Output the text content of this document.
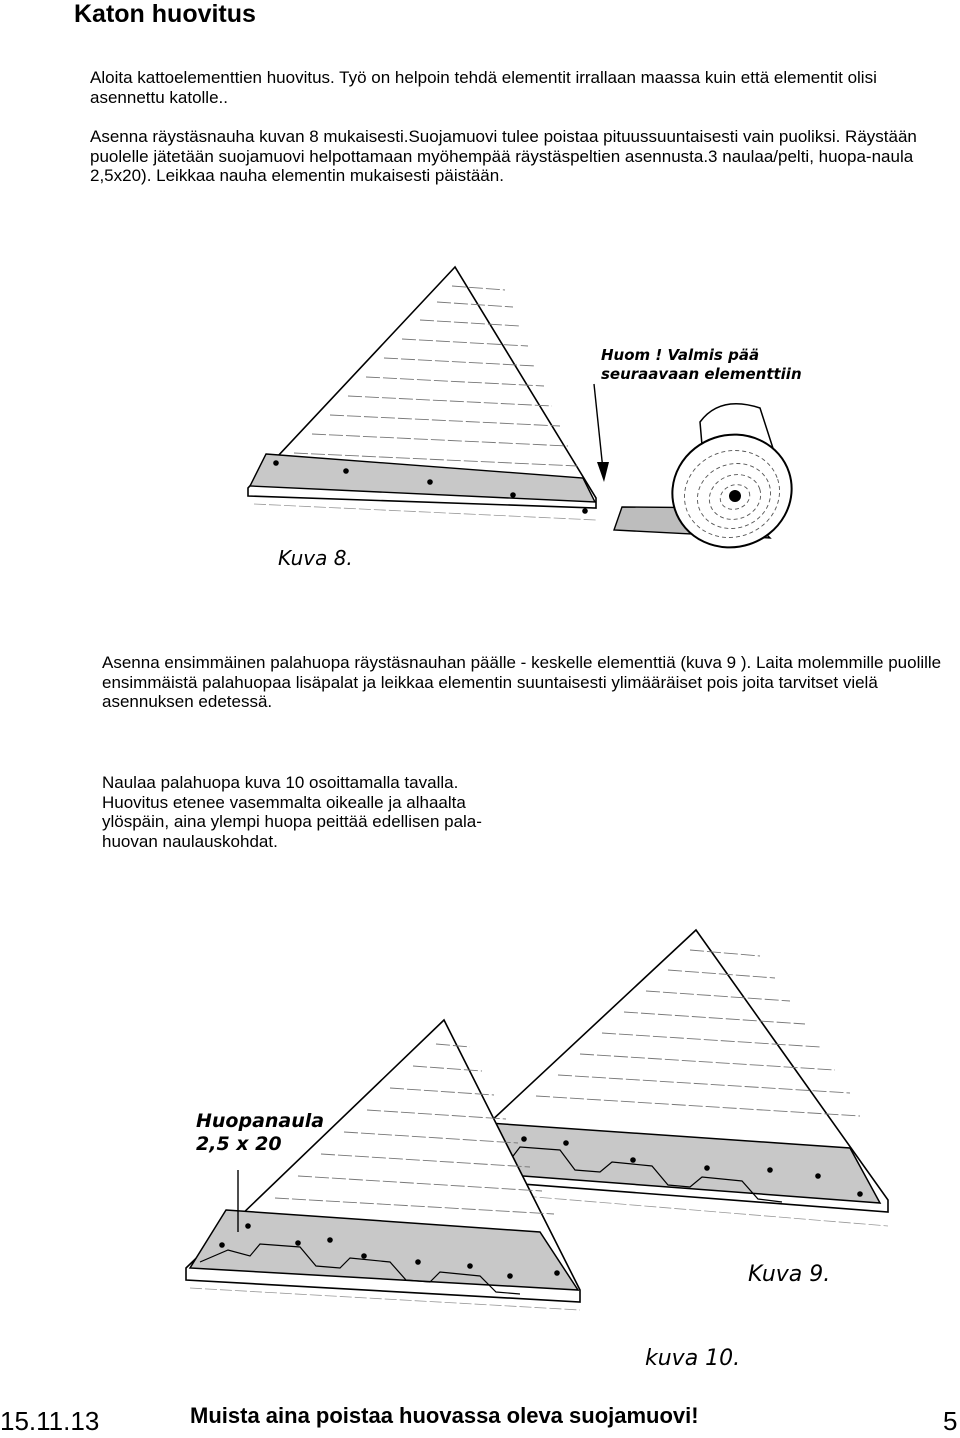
Katon huovitus

Aloita kattoelementtien huovitus. Työ on helpoin tehdä elementit irrallaan maassa kuin että elementit olisi asennettu katolle..

Asenna räystäsnauha kuvan 8 mukaisesti.Suojamuovi tulee poistaa pituussuuntaisesti vain puoliksi. Räystään puolelle jätetään suojamuovi helpottamaan myöhempää räystäspeltien asennusta.3 naulaa/pelti, huopa-naula 2,5x20). Leikkaa nauha elementin mukaisesti päistään.

Huom ! Valmis pää
seuraavaan elementtiin
Kuva 8.

Asenna ensimmäinen palahuopa räystäsnauhan päälle - keskelle elementtiä (kuva 9 ). Laita molemmille puolille ensimmäistä palahuopaa lisäpalat ja leikkaa elementin suuntaisesti ylimääräiset pois joita tarvitset vielä asennuksen edetessä.

Naulaa palahuopa kuva 10 osoittamalla tavalla. Huovitus etenee vasemmalta oikealle ja alhaalta ylöspäin, aina ylempi huopa peittää edellisen pala-huovan naulauskohdat.

Huopanaula
2,5 x 20
Kuva 9.
kuva 10.
15.11.13	Muista aina poistaa huovassa oleva suojamuovi!	5
